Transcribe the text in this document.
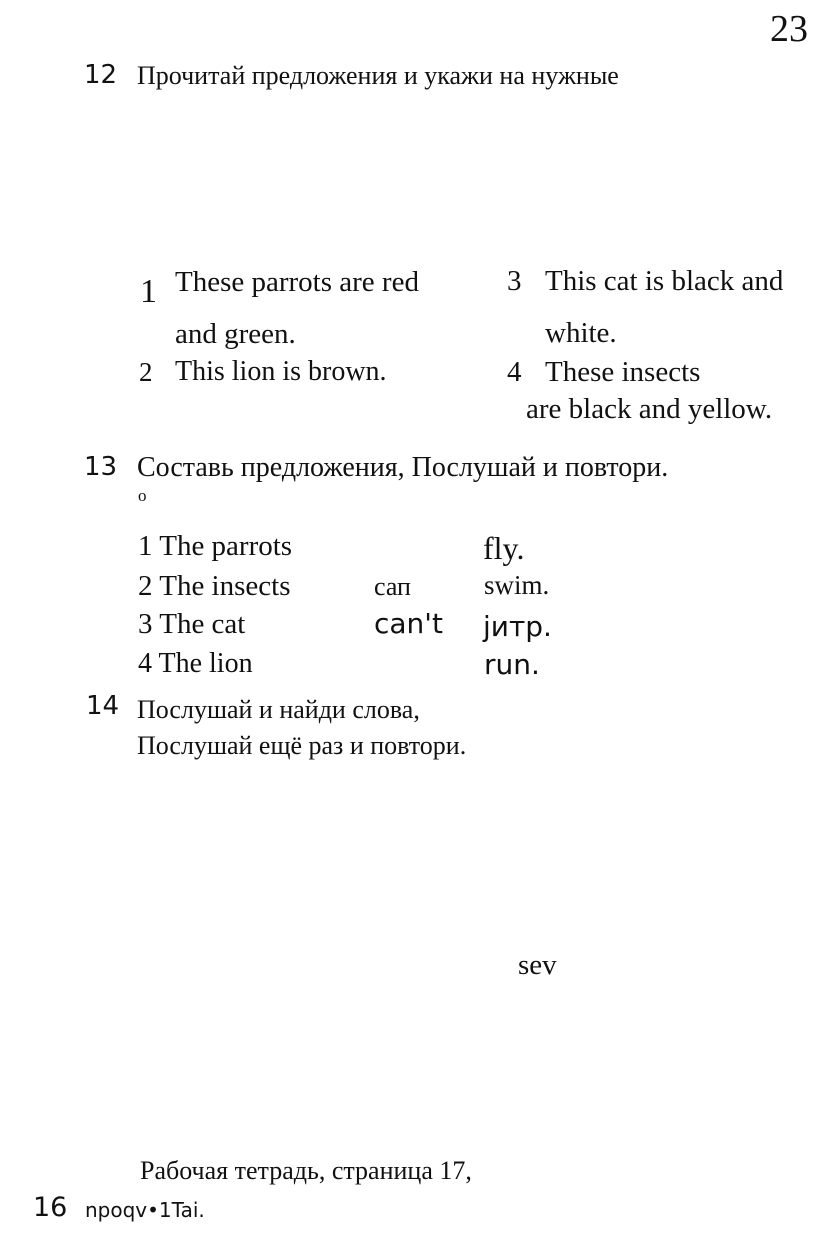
23
12 Прочитай предложения и укажи на нужные
1 These parrots are red
and green.
2 This lion is brown.
3 This cat is black and
white.
4 These insects
are black and yellow.
13 Составь предложения, Послушай и повтори.
о
1 The parrots
2 The insects
3 The cat
4 The lion
сап
can't
fly.
swim.
jитр.
run.
14 Послушай и найди слова,
Послушай ещё раз и повтори.
sev
Рабочая тетрадь, страница 17,
16 npoqv•1Tai.
